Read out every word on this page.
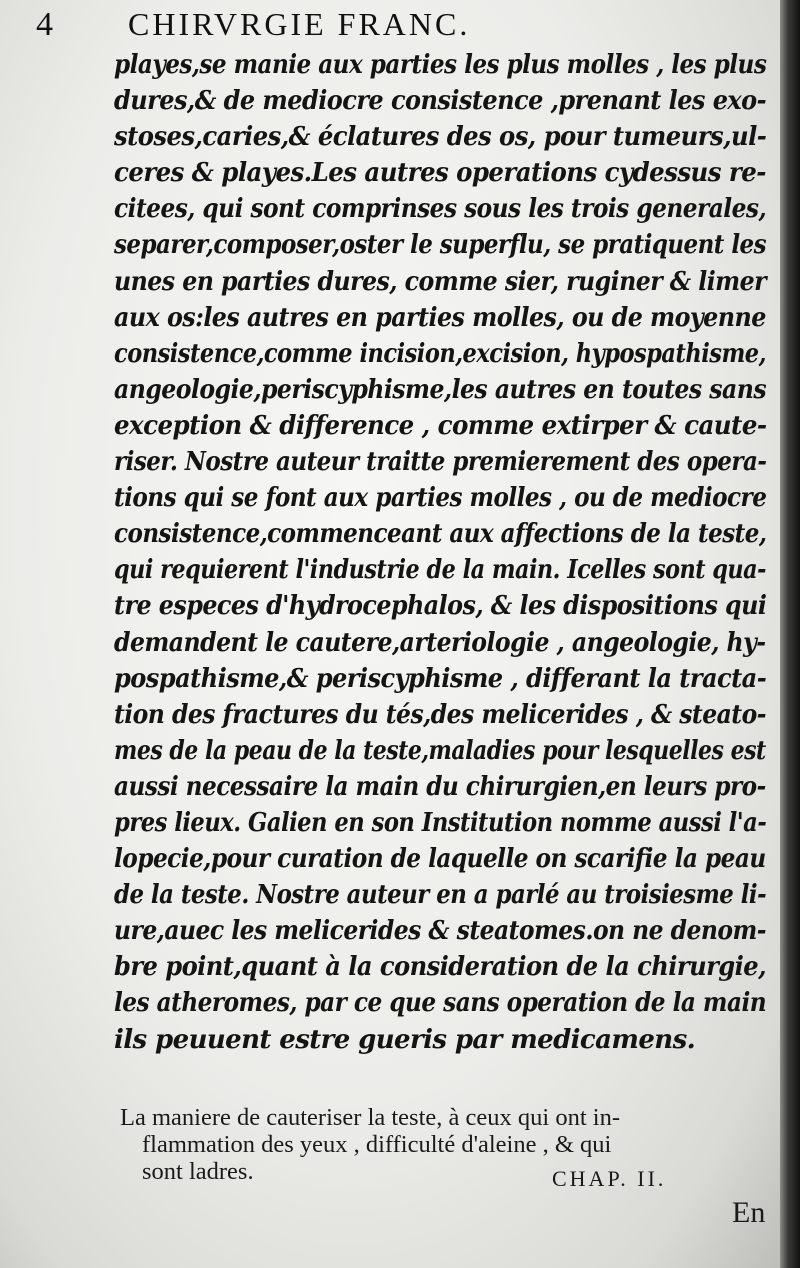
4 CHIRVRGIE FRANC.
playes,se manie aux parties les plus molles , les plus
dures,& de mediocre consistence ,prenant les exo-
stoses,caries,& éclatures des os, pour tumeurs,ul-
ceres & playes.Les autres operations cydessus re-
citees, qui sont comprinses sous les trois generales,
separer,composer,oster le superflu, se pratiquent les
unes en parties dures, comme sier, ruginer & limer
aux os:les autres en parties molles, ou de moyenne
consistence,comme incision,excision, hypospathisme,
angeologie,periscyphisme,les autres en toutes sans
exception & difference , comme extirper & caute-
riser. Nostre auteur traitte premierement des opera-
tions qui se font aux parties molles , ou de mediocre
consistence,commenceant aux affections de la teste,
qui requierent l'industrie de la main. Icelles sont qua-
tre especes d'hydrocephalos, & les dispositions qui
demandent le cautere,arteriologie , angeologie, hy-
pospathisme,& periscyphisme , differant la tracta-
tion des fractures du tés,des melicerides , & steato-
mes de la peau de la teste,maladies pour lesquelles est
aussi necessaire la main du chirurgien,en leurs pro-
pres lieux. Galien en son Institution nomme aussi l'a-
lopecie,pour curation de laquelle on scarifie la peau
de la teste. Nostre auteur en a parlé au troisiesme li-
ure,auec les melicerides & steatomes.on ne denom-
bre point,quant à la consideration de la chirurgie,
les atheromes, par ce que sans operation de la main
ils peuuent estre gueris par medicamens.
La maniere de cauteriser la teste, à ceux qui ont in-
flammation des yeux , difficulté d'aleine , & qui
sont ladres.	CHAP. II.
En
